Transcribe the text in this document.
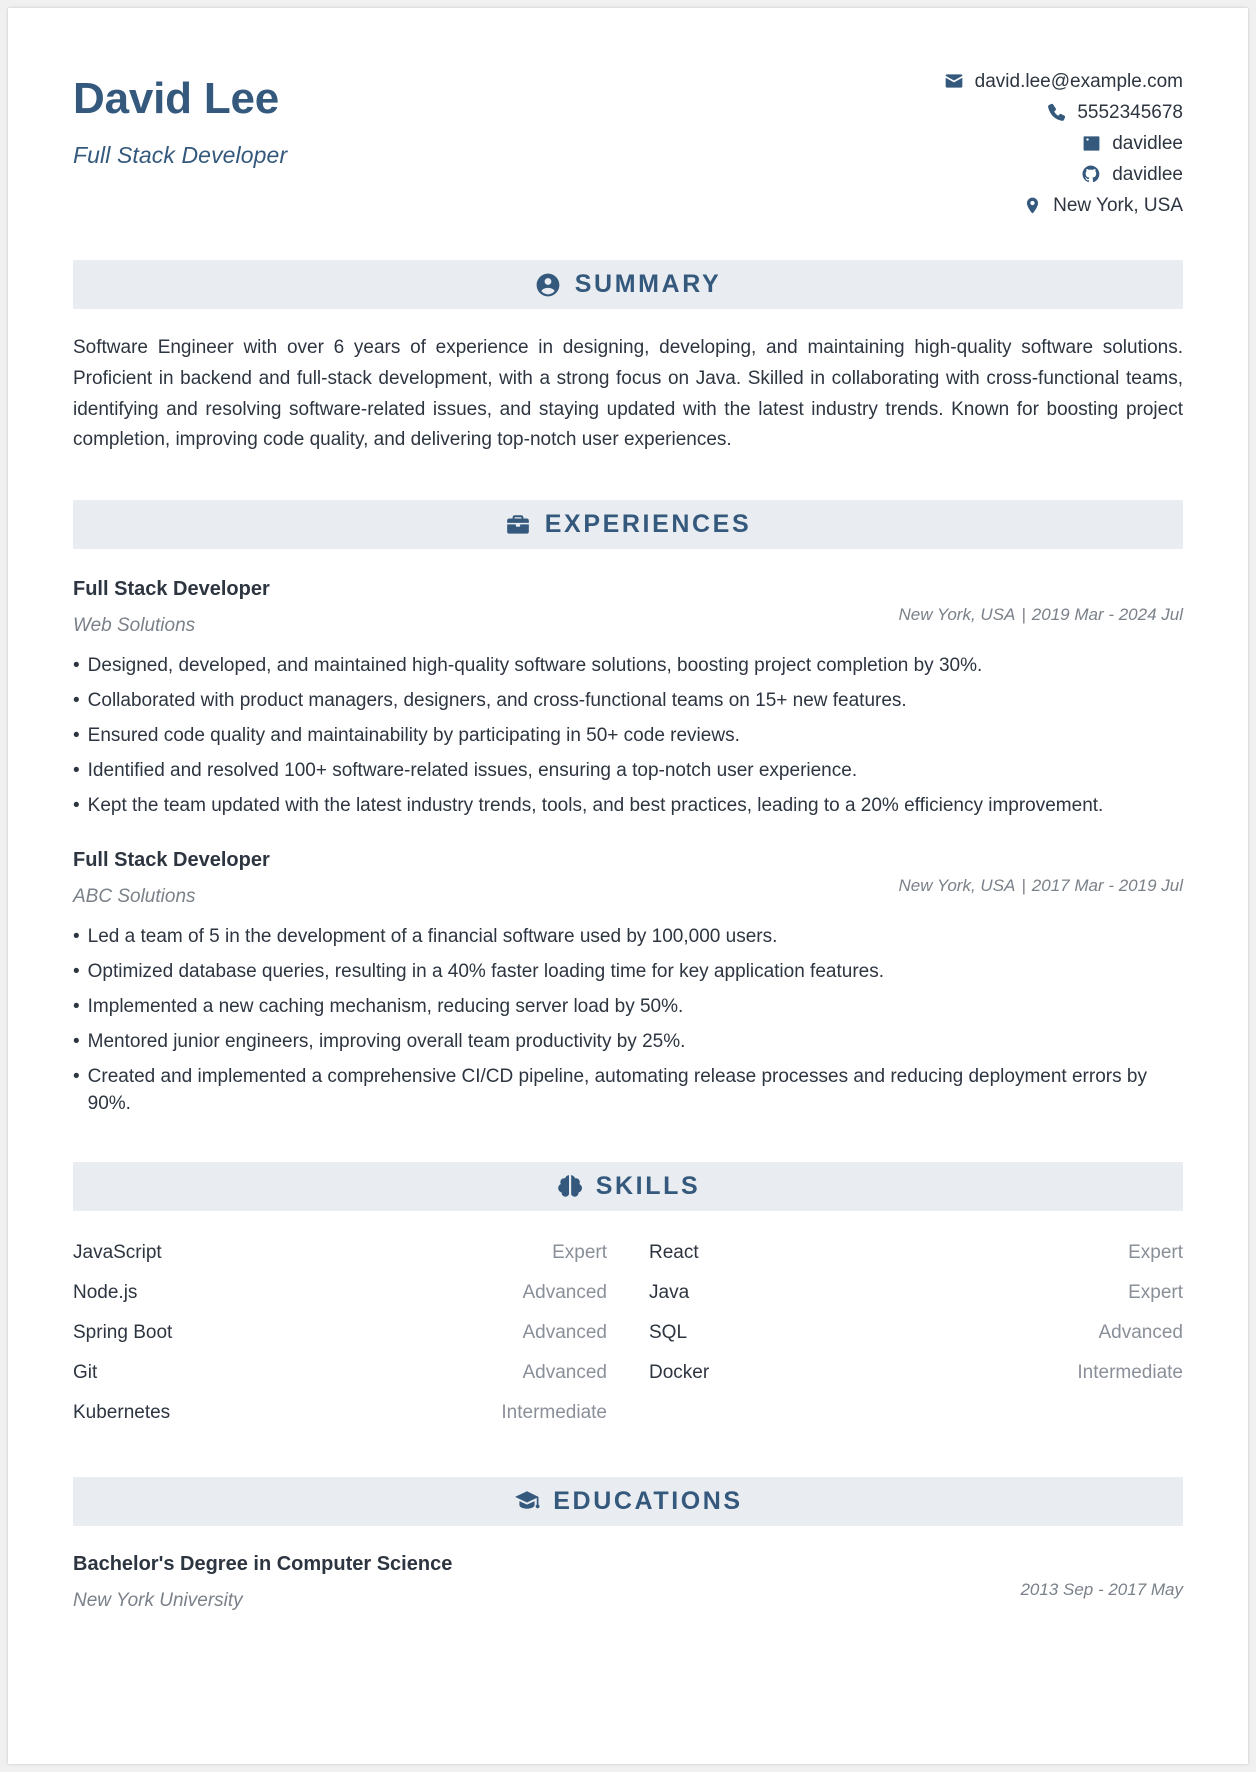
David Lee
Full Stack Developer
david.lee@example.com
5552345678
davidlee
davidlee
New York, USA
SUMMARY
Software Engineer with over 6 years of experience in designing, developing, and maintaining high-quality software solutions. Proficient in backend and full-stack development, with a strong focus on Java. Skilled in collaborating with cross-functional teams, identifying and resolving software-related issues, and staying updated with the latest industry trends. Known for boosting project completion, improving code quality, and delivering top-notch user experiences.
EXPERIENCES
Full Stack Developer
Web Solutions
New York, USA | 2019 Mar - 2024 Jul
• Designed, developed, and maintained high-quality software solutions, boosting project completion by 30%.
• Collaborated with product managers, designers, and cross-functional teams on 15+ new features.
• Ensured code quality and maintainability by participating in 50+ code reviews.
• Identified and resolved 100+ software-related issues, ensuring a top-notch user experience.
• Kept the team updated with the latest industry trends, tools, and best practices, leading to a 20% efficiency improvement.
Full Stack Developer
ABC Solutions
New York, USA | 2017 Mar - 2019 Jul
• Led a team of 5 in the development of a financial software used by 100,000 users.
• Optimized database queries, resulting in a 40% faster loading time for key application features.
• Implemented a new caching mechanism, reducing server load by 50%.
• Mentored junior engineers, improving overall team productivity by 25%.
• Created and implemented a comprehensive CI/CD pipeline, automating release processes and reducing deployment errors by 90%.
SKILLS
JavaScript	Expert React	Expert
Node.js	Advanced Java	Expert
Spring Boot	Advanced SQL	Advanced
Git	Advanced Docker	Intermediate
Kubernetes	Intermediate
EDUCATIONS
Bachelor's Degree in Computer Science
New York University
2013 Sep - 2017 May
